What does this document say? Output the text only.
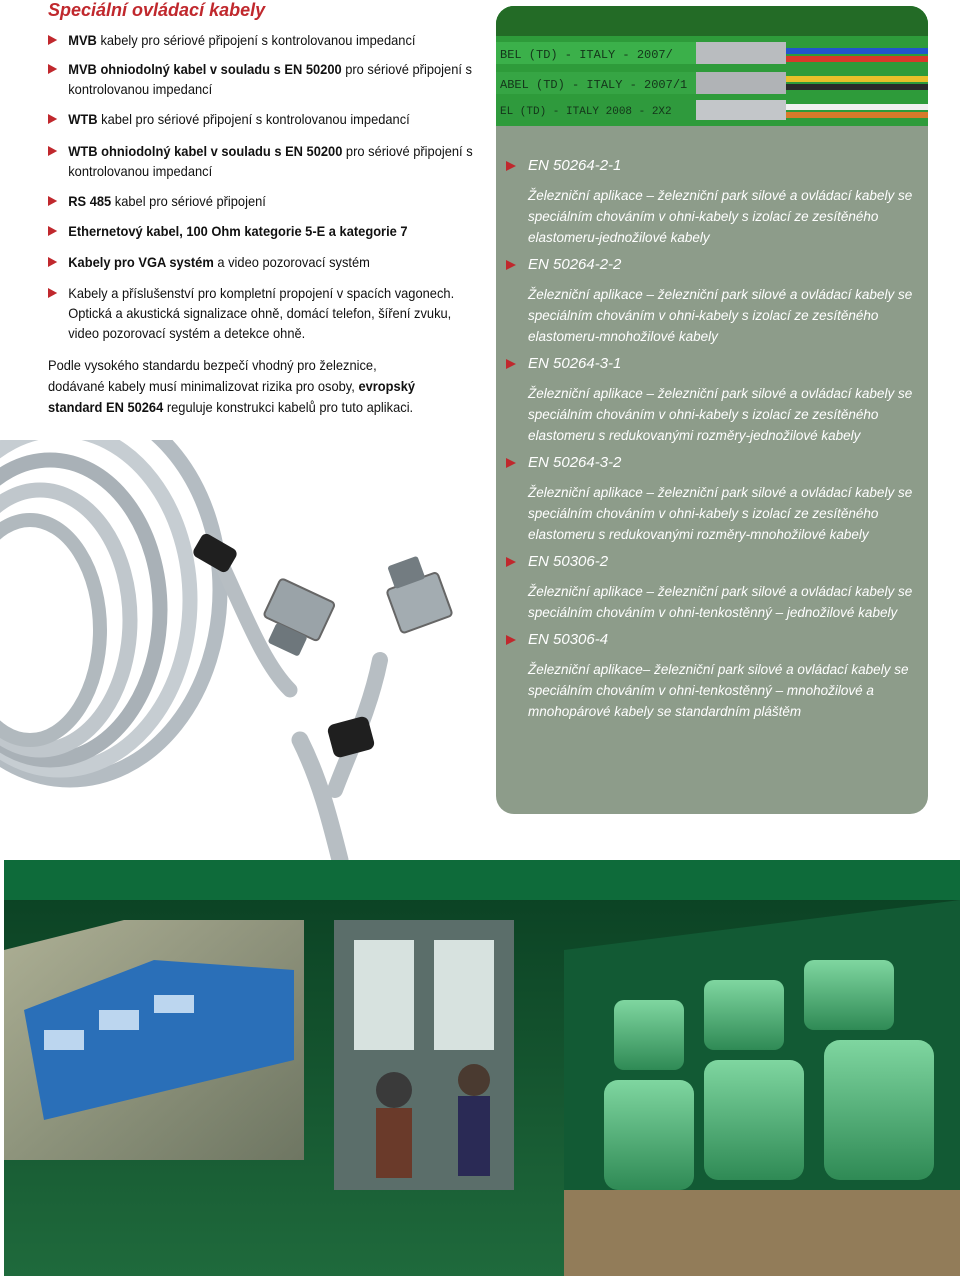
Speciální ovládací kabely
MVB kabely pro sériové připojení s kontrolovanou impedancí
MVB ohniodolný kabel v souladu s EN 50200 pro sériové připojení s kontrolovanou impedancí
WTB kabel pro sériové připojení s kontrolovanou impedancí
WTB ohniodolný kabel v souladu s EN 50200 pro sériové připojení s kontrolovanou impedancí
RS 485 kabel pro sériové připojení
Ethernetový kabel, 100 Ohm kategorie 5-E a kategorie 7
Kabely pro VGA systém a video pozorovací systém
Kabely a příslušenství pro kompletní propojení v spacích vagonech. Optická a akustická signalizace ohně, domácí telefon, šíření zvuku, video pozorovací systém a detekce ohně.
Podle vysokého standardu bezpečí vhodný pro železnice, dodávané kabely musí minimalizovat rizika pro osoby, evropský standard EN 50264 reguluje konstrukci kabelů pro tuto aplikaci.
BEL (TD) - ITALY - 2007/
ABEL (TD) - ITALY - 2007/1
EL (TD) - ITALY 2008 - 2X2
EN 50264-2-1
Železniční aplikace – železniční park silové a ovládací kabely se speciálním chováním v ohni-kabely s izolací ze zesítěného elastomeru-jednožilové kabely
EN 50264-2-2
Železniční aplikace – železniční park silové a ovládací kabely se speciálním chováním v ohni-kabely s izolací ze zesítěného elastomeru-mnohožilové kabely
EN 50264-3-1
Železniční aplikace – železniční park silové a ovládací kabely se speciálním chováním v ohni-kabely s izolací ze zesítěného elastomeru s redukovanými rozměry-jednožilové kabely
EN 50264-3-2
Železniční aplikace – železniční park silové a ovládací kabely se speciálním chováním v ohni-kabely s izolací ze zesítěného elastomeru s redukovanými rozměry-mnohožilové kabely
EN 50306-2
Železniční aplikace – železniční park silové a ovládací kabely se speciálním chováním v ohni-tenkostěnný – jednožilové kabely
EN 50306-4
Železniční aplikace– železniční park silové a ovládací kabely se speciálním chováním v ohni-tenkostěnný – mnohožilové a mnohopárové kabely se standardním pláštěm
